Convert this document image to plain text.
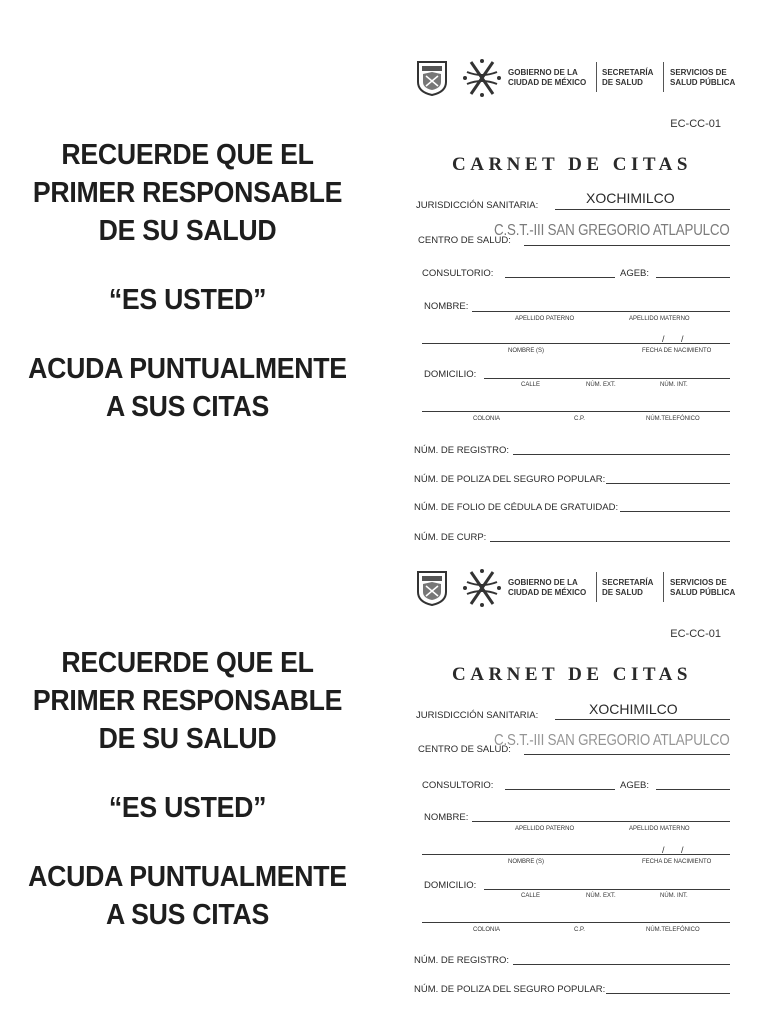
RECUERDE QUE EL
PRIMER RESPONSABLE
DE SU SALUD
“ES USTED”
ACUDA PUNTUALMENTE
A SUS CITAS
GOBIERNO DE LA
CIUDAD DE MÉXICO
SECRETARÍA
DE SALUD
SERVICIOS DE
SALUD PÚBLICA
EC-CC-01
CARNET DE CITAS
JURISDICCIÓN SANITARIA:	XOCHIMILCO
CENTRO DE SALUD:
C.S.T.-III SAN GREGORIO ATLAPULCO
CONSULTORIO:	AGEB:
NOMBRE:
APELLIDO PATERNO	APELLIDO MATERNO
/ /
NOMBRE (S)	FECHA DE NACIMIENTO
DOMICILIO:
CALLE	NÚM. EXT.	NÚM. INT.
COLONIA	C.P.	NÚM.TELEFÓNICO
NÚM. DE REGISTRO:
NÚM. DE POLIZA DEL SEGURO POPULAR:
NÚM. DE FOLIO DE CÉDULA DE GRATUIDAD:
NÚM. DE CURP:
RECUERDE QUE EL
PRIMER RESPONSABLE
DE SU SALUD
“ES USTED”
ACUDA PUNTUALMENTE
A SUS CITAS
GOBIERNO DE LA
CIUDAD DE MÉXICO
SECRETARÍA
DE SALUD
SERVICIOS DE
SALUD PÚBLICA
EC-CC-01
CARNET DE CITAS
JURISDICCIÓN SANITARIA:	XOCHIMILCO
CENTRO DE SALUD:
C.S.T.-III SAN GREGORIO ATLAPULCO
CONSULTORIO:	AGEB:
NOMBRE:
APELLIDO PATERNO	APELLIDO MATERNO
/ /
NOMBRE (S)	FECHA DE NACIMIENTO
DOMICILIO:
CALLE	NÚM. EXT.	NÚM. INT.
COLONIA	C.P.	NÚM.TELEFÓNICO
NÚM. DE REGISTRO:
NÚM. DE POLIZA DEL SEGURO POPULAR:
